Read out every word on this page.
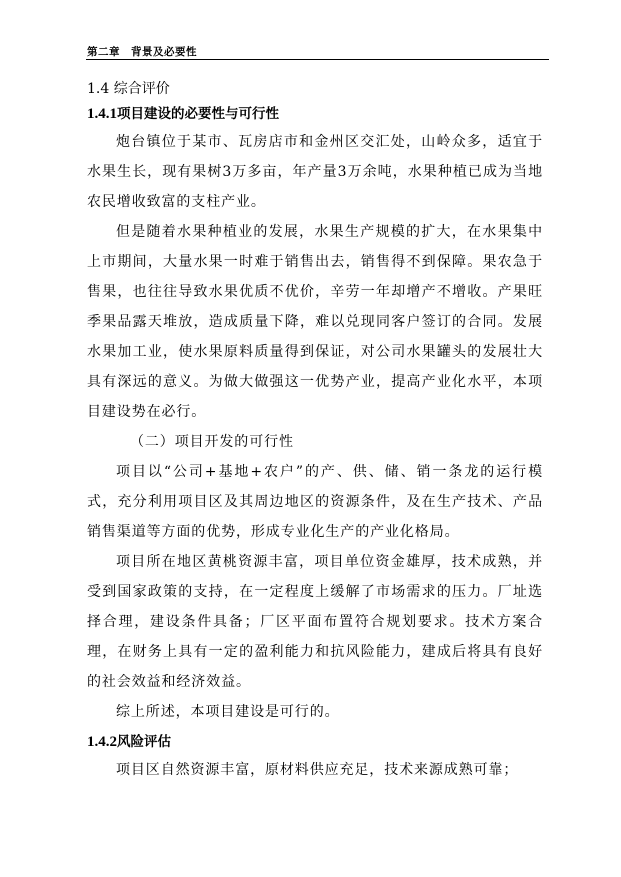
第二章　背景及必要性
1.4 综合评价
1.4.1项目建设的必要性与可行性

炮台镇位于某市、瓦房店市和金州区交汇处，山岭众多，适宜于水果生长，现有果树3万多亩，年产量3万余吨，水果种植已成为当地农民增收致富的支柱产业。

但是随着水果种植业的发展，水果生产规模的扩大，在水果集中上市期间，大量水果一时难于销售出去，销售得不到保障。果农急于售果，也往往导致水果优质不优价，辛劳一年却增产不增收。产果旺季果品露天堆放，造成质量下降，难以兑现同客户签订的合同。发展水果加工业，使水果原料质量得到保证，对公司水果罐头的发展壮大具有深远的意义。为做大做强这一优势产业，提高产业化水平，本项目建设势在必行。

（二）项目开发的可行性

项目以“公司+基地+农户”的产、供、储、销一条龙的运行模式，充分利用项目区及其周边地区的资源条件，及在生产技术、产品销售渠道等方面的优势，形成专业化生产的产业化格局。

项目所在地区黄桃资源丰富，项目单位资金雄厚，技术成熟，并受到国家政策的支持，在一定程度上缓解了市场需求的压力。厂址选择合理，建设条件具备；厂区平面布置符合规划要求。技术方案合理，在财务上具有一定的盈利能力和抗风险能力，建成后将具有良好的社会效益和经济效益。

综上所述，本项目建设是可行的。

1.4.2风险评估

项目区自然资源丰富，原材料供应充足，技术来源成熟可靠；
